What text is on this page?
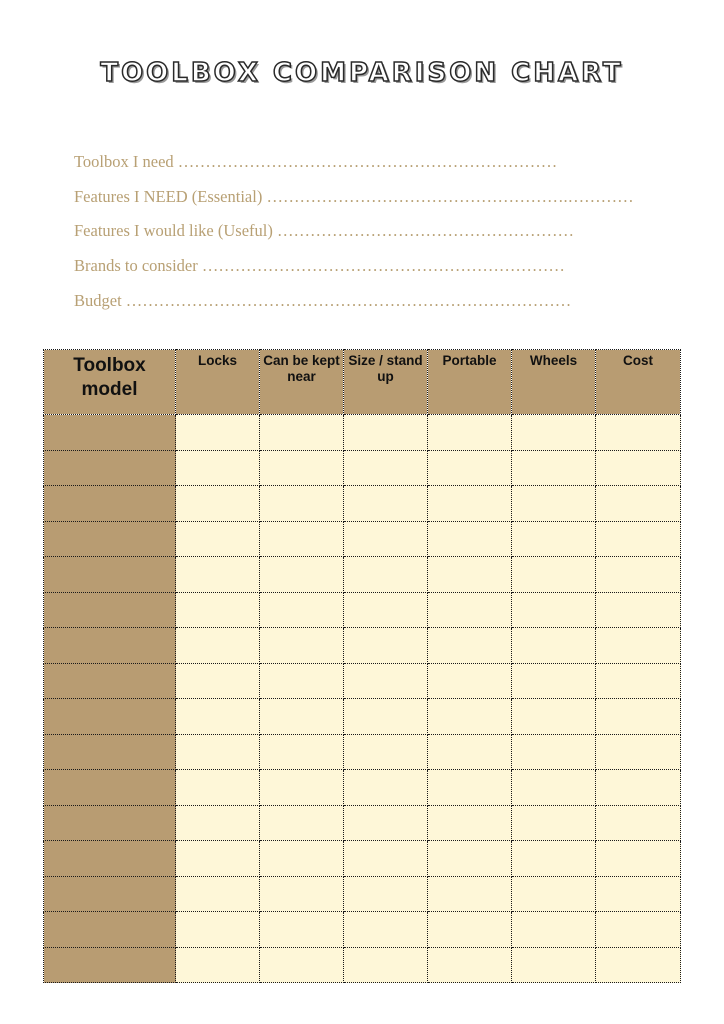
TOOLBOX COMPARISON CHART
Toolbox I need ……………………………………………………………
Features I NEED (Essential) ……………………………………………….…………
Features I would like (Useful) ………………………………………………
Brands to consider …………………………………………………………
Budget ………………………………………………………………………
Toolbox model	Locks	Can be kept near	Size / stand up	Portable	Wheels	Cost
